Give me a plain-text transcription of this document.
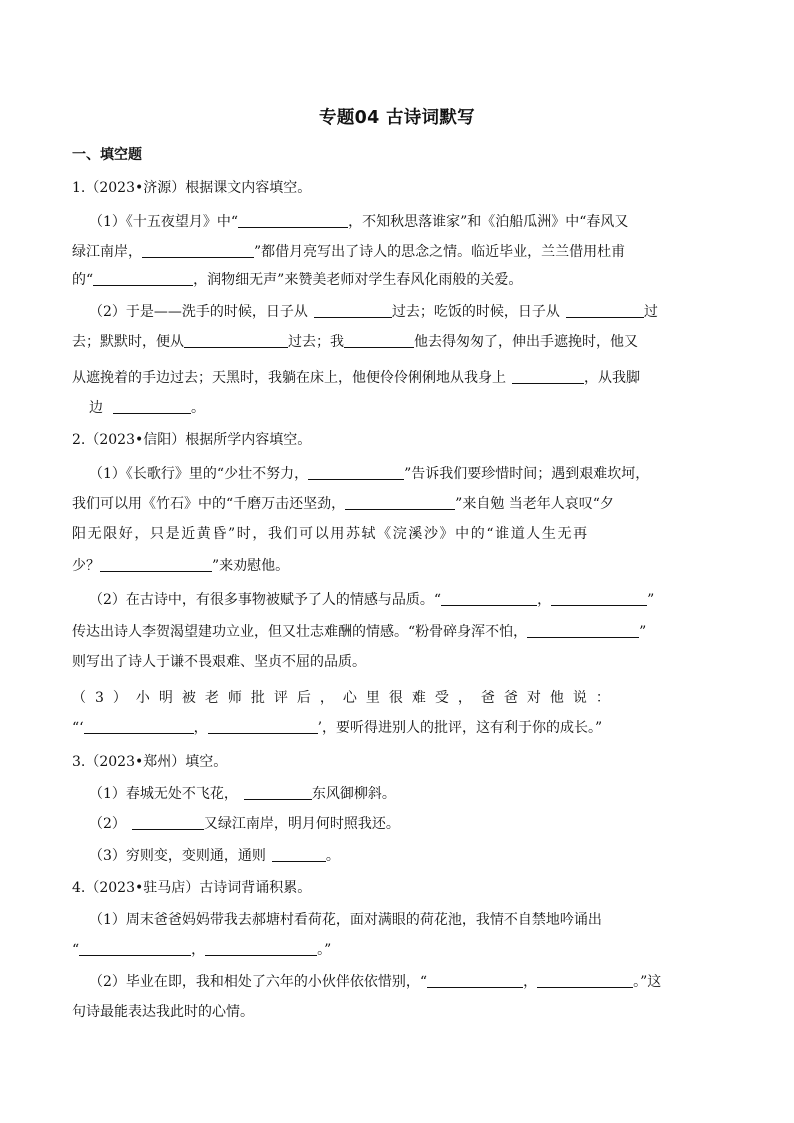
专题04 古诗词默写
一、填空题
1.（2023•济源）根据课文内容填空。
（1）《十五夜望月》中“	，不知秋思落谁家”和《泊船瓜洲》中“春风又
绿江南岸，	”都借月亮写出了诗人的思念之情。临近毕业，兰兰借用杜甫
的“	，润物细无声”来赞美老师对学生春风化雨般的关爱。
（2）于是——洗手的时候，日子从	过去；吃饭的时候，日子从	过
去；默默时，便从	过去；我	他去得匆匆了，伸出手遮挽时，他又
从遮挽着的手边过去；天黑时，我躺在床上，他便伶伶俐俐地从我身上	，从我脚
边	。
2.（2023•信阳）根据所学内容填空。
（1）《长歌行》里的“少壮不努力，	”告诉我们要珍惜时间；遇到艰难坎坷，
我们可以用《竹石》中的“千磨万击还坚劲，	”来自勉 当老年人哀叹“夕
阳无限好，只是近黄昏”时，我们可以用苏轼《浣溪沙》中的“谁道人生无再
少？	”来劝慰他。
（2）在古诗中，有很多事物被赋予了人的情感与品质。“	，	”
传达出诗人李贺渴望建功立业，但又壮志难酬的情感。“粉骨碎身浑不怕，	”
则写出了诗人于谦不畏艰难、坚贞不屈的品质。
（3）小明被老师批评后，心里很难受，爸爸对他说：
“‘	，	’，要听得进别人的批评，这有利于你的成长。”
3.（2023•郑州）填空。
（1）春城无处不飞花，	东风御柳斜。
（2）	又绿江南岸，明月何时照我还。
（3）穷则变，变则通，通则	。
4.（2023•驻马店）古诗词背诵积累。
（1）周末爸爸妈妈带我去郝塘村看荷花，面对满眼的荷花池，我情不自禁地吟诵出
“	，	。”
（2）毕业在即，我和相处了六年的小伙伴依依惜别，“	，	。”这
句诗最能表达我此时的心情。
